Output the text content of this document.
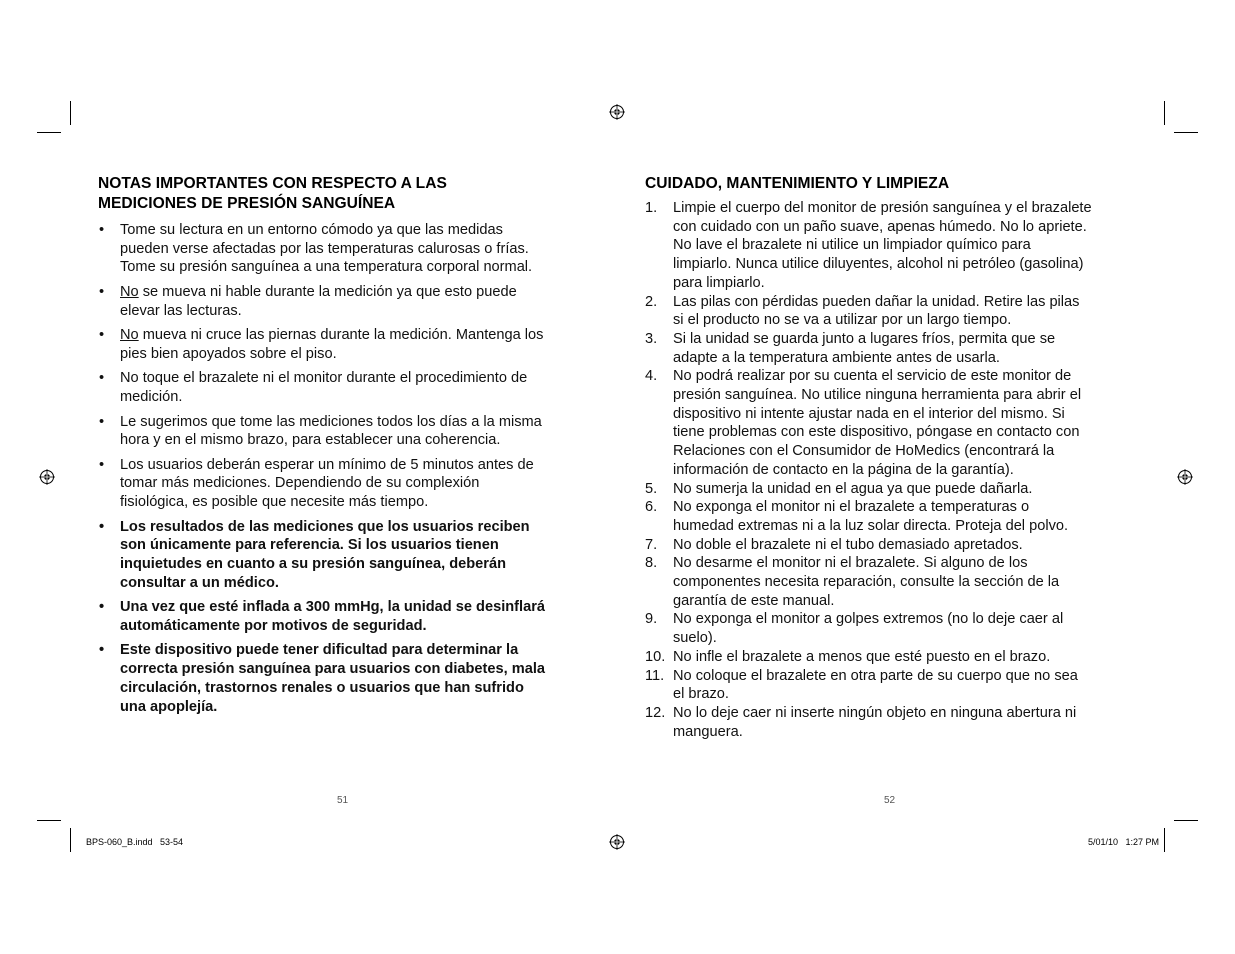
NOTAS IMPORTANTES CON RESPECTO A LAS
MEDICIONES DE PRESIÓN SANGUÍNEA
• Tome su lectura en un entorno cómodo ya que las medidas pueden verse afectadas por las temperaturas calurosas o frías. Tome su presión sanguínea a una temperatura corporal normal.
• No se mueva ni hable durante la medición ya que esto puede elevar las lecturas.
• No mueva ni cruce las piernas durante la medición. Mantenga los pies bien apoyados sobre el piso.
• No toque el brazalete ni el monitor durante el procedimiento de medición.
• Le sugerimos que tome las mediciones todos los días a la misma hora y en el mismo brazo, para establecer una coherencia.
• Los usuarios deberán esperar un mínimo de 5 minutos antes de tomar más mediciones. Dependiendo de su complexión fisiológica, es posible que necesite más tiempo.
• Los resultados de las mediciones que los usuarios reciben son únicamente para referencia. Si los usuarios tienen inquietudes en cuanto a su presión sanguínea, deberán consultar a un médico.
• Una vez que esté inflada a 300 mmHg, la unidad se desinflará automáticamente por motivos de seguridad.
• Este dispositivo puede tener dificultad para determinar la correcta presión sanguínea para usuarios con diabetes, mala circulación, trastornos renales o usuarios que han sufrido una apoplejía.
51
CUIDADO, MANTENIMIENTO Y LIMPIEZA
1. Limpie el cuerpo del monitor de presión sanguínea y el brazalete con cuidado con un paño suave, apenas húmedo. No lo apriete. No lave el brazalete ni utilice un limpiador químico para limpiarlo. Nunca utilice diluyentes, alcohol ni petróleo (gasolina) para limpiarlo.
2. Las pilas con pérdidas pueden dañar la unidad. Retire las pilas si el producto no se va a utilizar por un largo tiempo.
3. Si la unidad se guarda junto a lugares fríos, permita que se adapte a la temperatura ambiente antes de usarla.
4. No podrá realizar por su cuenta el servicio de este monitor de presión sanguínea. No utilice ninguna herramienta para abrir el dispositivo ni intente ajustar nada en el interior del mismo. Si tiene problemas con este dispositivo, póngase en contacto con Relaciones con el Consumidor de HoMedics (encontrará la información de contacto en la página de la garantía).
5. No sumerja la unidad en el agua ya que puede dañarla.
6. No exponga el monitor ni el brazalete a temperaturas o humedad extremas ni a la luz solar directa. Proteja del polvo.
7. No doble el brazalete ni el tubo demasiado apretados.
8. No desarme el monitor ni el brazalete. Si alguno de los componentes necesita reparación, consulte la sección de la garantía de este manual.
9. No exponga el monitor a golpes extremos (no lo deje caer al suelo).
10. No infle el brazalete a menos que esté puesto en el brazo.
11. No coloque el brazalete en otra parte de su cuerpo que no sea el brazo.
12. No lo deje caer ni inserte ningún objeto en ninguna abertura ni manguera.
52
BPS-060_B.indd   53-54	5/01/10   1:27 PM
